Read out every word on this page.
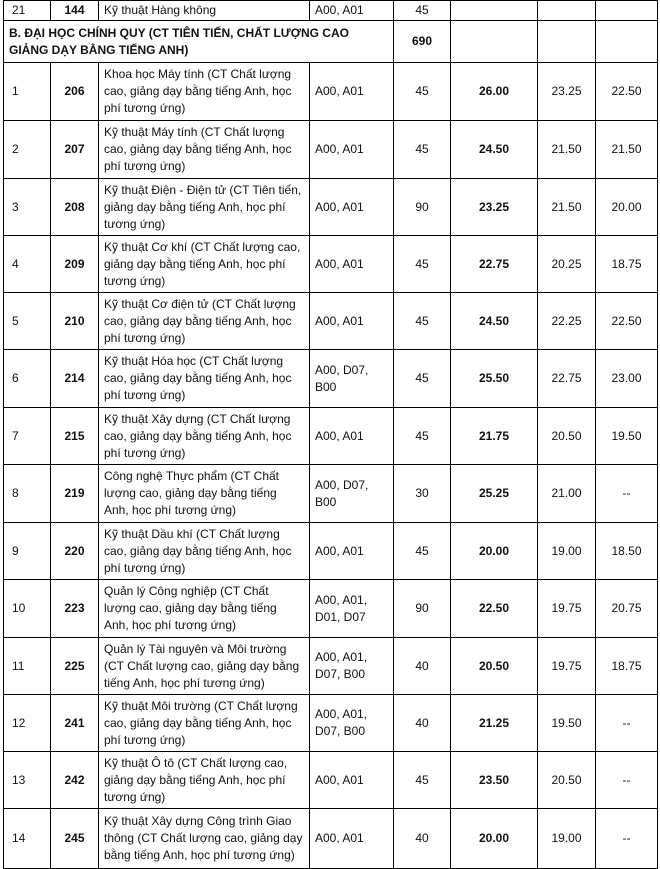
21	144	Kỹ thuật Hàng không	A00, A01	45			
B. ĐẠI HỌC CHÍNH QUY (CT TIÊN TIẾN, CHẤT LƯỢNG CAO GIẢNG DẠY BẰNG TIẾNG ANH)				690			
1	206	Khoa học Máy tính (CT Chất lượng cao, giảng dạy bằng tiếng Anh, học phí tương ứng)	A00, A01	45	26.00	23.25	22.50
2	207	Kỹ thuật Máy tính (CT Chất lượng cao, giảng dạy bằng tiếng Anh, học phí tương ứng)	A00, A01	45	24.50	21.50	21.50
3	208	Kỹ thuật Điện - Điện tử (CT Tiên tiến, giảng dạy bằng tiếng Anh, học phí tương ứng)	A00, A01	90	23.25	21.50	20.00
4	209	Kỹ thuật Cơ khí (CT Chất lượng cao, giảng dạy bằng tiếng Anh, học phí tương ứng)	A00, A01	45	22.75	20.25	18.75
5	210	Kỹ thuật Cơ điện tử (CT Chất lượng cao, giảng dạy bằng tiếng Anh, học phí tương ứng)	A00, A01	45	24.50	22.25	22.50
6	214	Kỹ thuật Hóa học (CT Chất lượng cao, giảng dạy bằng tiếng Anh, học phí tương ứng)	A00, D07, B00	45	25.50	22.75	23.00
7	215	Kỹ thuật Xây dựng (CT Chất lượng cao, giảng dạy bằng tiếng Anh, học phí tương ứng)	A00, A01	45	21.75	20.50	19.50
8	219	Công nghệ Thực phẩm (CT Chất lượng cao, giảng dạy bằng tiếng Anh, học phí tương ứng)	A00, D07, B00	30	25.25	21.00	--
9	220	Kỹ thuật Dầu khí (CT Chất lượng cao, giảng dạy bằng tiếng Anh, học phí tương ứng)	A00, A01	45	20.00	19.00	18.50
10	223	Quản lý Công nghiệp (CT Chất lượng cao, giảng dạy bằng tiếng Anh, học phí tương ứng)	A00, A01, D01, D07	90	22.50	19.75	20.75
11	225	Quản lý Tài nguyên và Môi trường (CT Chất lượng cao, giảng dạy bằng tiếng Anh, học phí tương ứng)	A00, A01, D07, B00	40	20.50	19.75	18.75
12	241	Kỹ thuật Môi trường (CT Chất lượng cao, giảng dạy bằng tiếng Anh, học phí tương ứng)	A00, A01, D07, B00	40	21.25	19.50	--
13	242	Kỹ thuật Ô tô (CT Chất lượng cao, giảng dạy bằng tiếng Anh, học phí tương ứng)	A00, A01	45	23.50	20.50	--
14	245	Kỹ thuật Xây dựng Công trình Giao thông (CT Chất lượng cao, giảng dạy bằng tiếng Anh, học phí tương ứng)	A00, A01	40	20.00	19.00	--
